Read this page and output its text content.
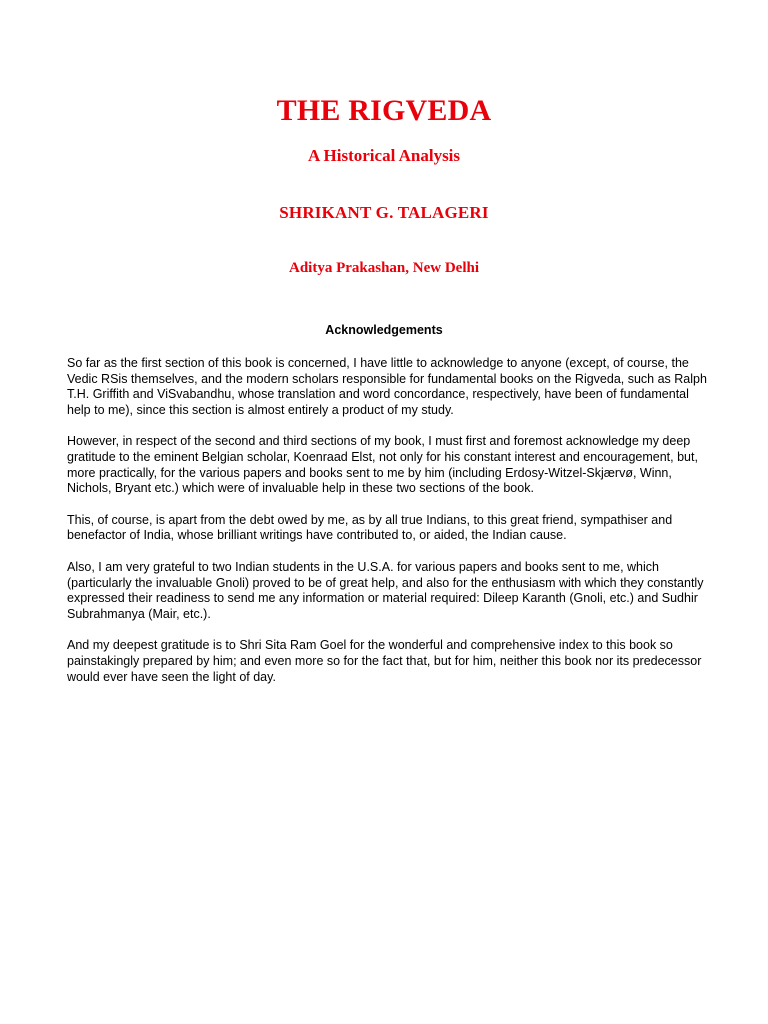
THE RIGVEDA
A Historical Analysis
SHRIKANT G. TALAGERI
Aditya Prakashan, New Delhi
Acknowledgements

So far as the first section of this book is concerned, I have little to acknowledge to anyone (except, of course, the
Vedic RSis themselves, and the modern scholars responsible for fundamental books on the Rigveda, such as Ralph
T.H. Griffith and ViSvabandhu, whose translation and word concordance, respectively, have been of fundamental
help to me), since this section is almost entirely a product of my study.

However, in respect of the second and third sections of my book, I must first and foremost acknowledge my deep
gratitude to the eminent Belgian scholar, Koenraad Elst, not only for his constant interest and encouragement, but,
more practically, for the various papers and books sent to me by him (including Erdosy-Witzel-Skjærvø, Winn,
Nichols, Bryant etc.) which were of invaluable help in these two sections of the book.

This, of course, is apart from the debt owed by me, as by all true Indians, to this great friend, sympathiser and
benefactor of India, whose brilliant writings have contributed to, or aided, the Indian cause.

Also, I am very grateful to two Indian students in the U.S.A. for various papers and books sent to me, which
(particularly the invaluable Gnoli) proved to be of great help, and also for the enthusiasm with which they constantly
expressed their readiness to send me any information or material required: Dileep Karanth (Gnoli, etc.) and Sudhir
Subrahmanya (Mair, etc.).

And my deepest gratitude is to Shri Sita Ram Goel for the wonderful and comprehensive index to this book so
painstakingly prepared by him; and even more so for the fact that, but for him, neither this book nor its predecessor
would ever have seen the light of day.
